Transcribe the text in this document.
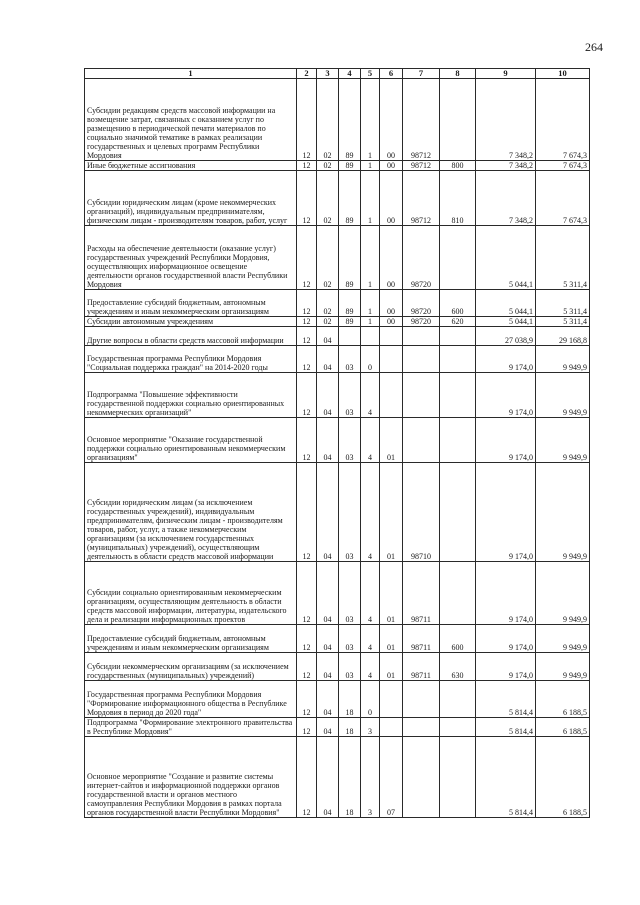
264
1	2	3	4	5	6	7	8	9	10
Субсидии редакциям средств массовой информации на возмещение затрат, связанных с оказанием услуг по размещению в периодической печати материалов по социально значимой тематике в рамках реализации государственных и целевых программ Республики Мордовия	12	02	89	1	00	98712		7 348,2	7 674,3
Иные бюджетные ассигнования	12	02	89	1	00	98712	800	7 348,2	7 674,3
Субсидии юридическим лицам (кроме некоммерческих организаций), индивидуальным предпринимателям, физическим лицам - производителям товаров, работ, услуг	12	02	89	1	00	98712	810	7 348,2	7 674,3
Расходы на обеспечение деятельности (оказание услуг) государственных учреждений Республики Мордовия, осуществляющих информационное освещение деятельности органов государственной власти Республики Мордовия	12	02	89	1	00	98720		5 044,1	5 311,4
Предоставление субсидий бюджетным, автономным учреждениям и иным некоммерческим организациям	12	02	89	1	00	98720	600	5 044,1	5 311,4
Субсидии автономным учреждениям	12	02	89	1	00	98720	620	5 044,1	5 311,4
Другие вопросы в области средств массовой информации	12	04						27 038,9	29 168,8
Государственная программа Республики Мордовия "Социальная поддержка граждан" на 2014-2020 годы	12	04	03	0				9 174,0	9 949,9
Подпрограмма "Повышение эффективности государственной поддержки социально ориентированных некоммерческих организаций"	12	04	03	4				9 174,0	9 949,9
Основное мероприятие "Оказание государственной поддержки социально ориентированным некоммерческим организациям"	12	04	03	4	01			9 174,0	9 949,9
Субсидии юридическим лицам (за исключением государственных учреждений), индивидуальным предпринимателям, физическим лицам - производителям товаров, работ, услуг, а также некоммерческим организациям (за исключением государственных (муниципальных) учреждений), осуществляющим деятельность в области средств массовой информации	12	04	03	4	01	98710		9 174,0	9 949,9
Субсидии социально ориентированным некоммерческим организациям, осуществляющим деятельность в области средств массовой информации, литературы, издательского дела и реализации информационных проектов	12	04	03	4	01	98711		9 174,0	9 949,9
Предоставление субсидий бюджетным, автономным учреждениям и иным некоммерческим организациям	12	04	03	4	01	98711	600	9 174,0	9 949,9
Субсидии некоммерческим организациям (за исключением государственных (муниципальных) учреждений)	12	04	03	4	01	98711	630	9 174,0	9 949,9
Государственная программа Республики Мордовия "Формирование информационного общества в Республике Мордовия в период до 2020 года"	12	04	18	0				5 814,4	6 188,5
Подпрограмма "Формирование электронного правительства в Республике Мордовия"	12	04	18	3				5 814,4	6 188,5
Основное мероприятие "Создание и развитие системы интернет-сайтов и информационной поддержки органов государственной власти и органов местного самоуправления Республики Мордовия в рамках портала органов государственной власти Республики Мордовия"	12	04	18	3	07			5 814,4	6 188,5
